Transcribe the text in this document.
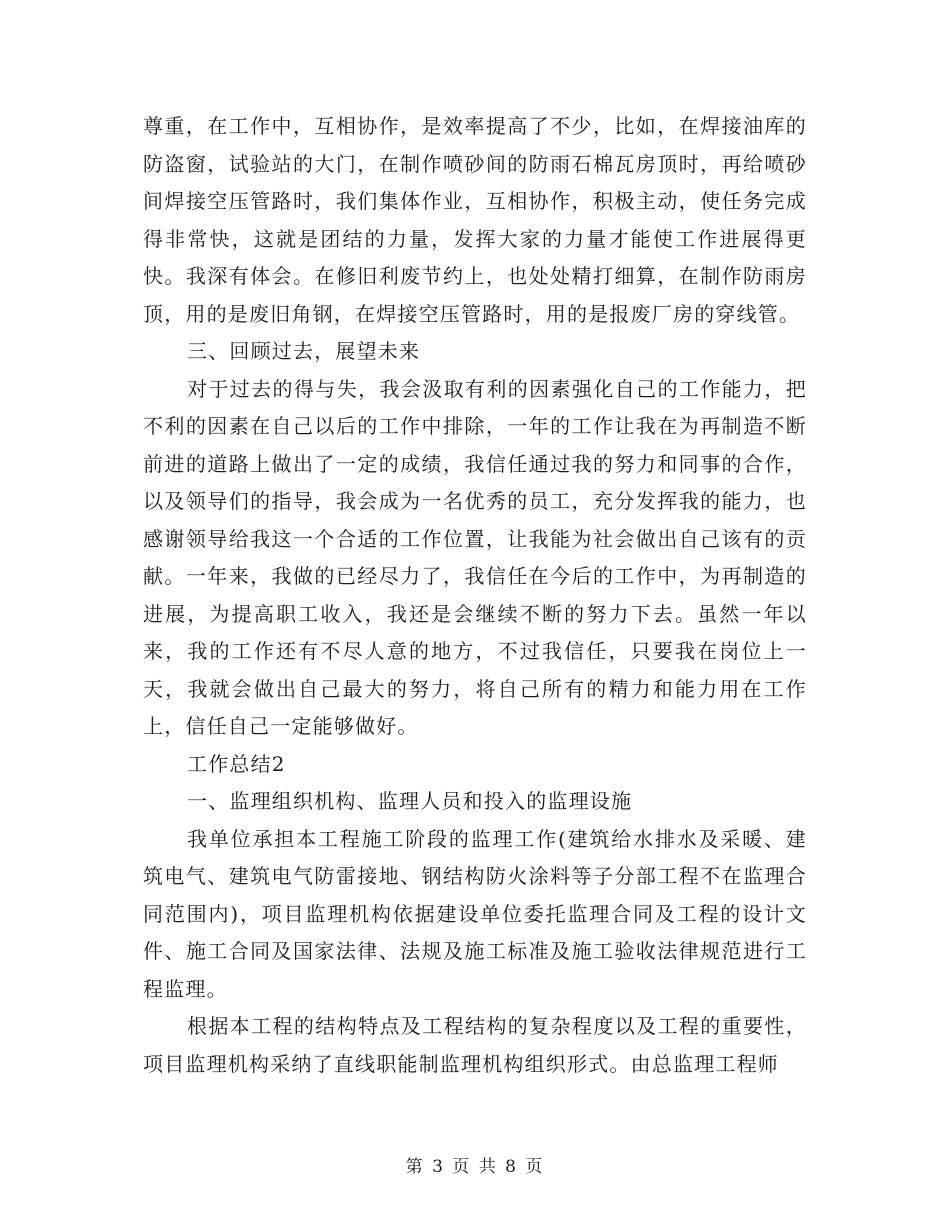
尊重，在工作中，互相协作，是效率提高了不少，比如，在焊接油库的防盗窗，试验站的大门，在制作喷砂间的防雨石棉瓦房顶时，再给喷砂间焊接空压管路时，我们集体作业，互相协作，积极主动，使任务完成得非常快，这就是团结的力量，发挥大家的力量才能使工作进展得更快。我深有体会。在修旧利废节约上，也处处精打细算，在制作防雨房顶，用的是废旧角钢，在焊接空压管路时，用的是报废厂房的穿线管。

三、回顾过去，展望未来

对于过去的得与失，我会汲取有利的因素强化自己的工作能力，把不利的因素在自己以后的工作中排除，一年的工作让我在为再制造不断前进的道路上做出了一定的成绩，我信任通过我的努力和同事的合作，以及领导们的指导，我会成为一名优秀的员工，充分发挥我的能力，也感谢领导给我这一个合适的工作位置，让我能为社会做出自己该有的贡献。一年来，我做的已经尽力了，我信任在今后的工作中，为再制造的进展，为提高职工收入，我还是会继续不断的努力下去。虽然一年以来，我的工作还有不尽人意的地方，不过我信任，只要我在岗位上一天，我就会做出自己最大的努力，将自己所有的精力和能力用在工作上，信任自己一定能够做好。

工作总结2

一、监理组织机构、监理人员和投入的监理设施

我单位承担本工程施工阶段的监理工作(建筑给水排水及采暖、建筑电气、建筑电气防雷接地、钢结构防火涂料等子分部工程不在监理合同范围内)，项目监理机构依据建设单位委托监理合同及工程的设计文件、施工合同及国家法律、法规及施工标准及施工验收法律规范进行工程监理。

根据本工程的结构特点及工程结构的复杂程度以及工程的重要性，项目监理机构采纳了直线职能制监理机构组织形式。由总监理工程师

第 3 页 共 8 页
